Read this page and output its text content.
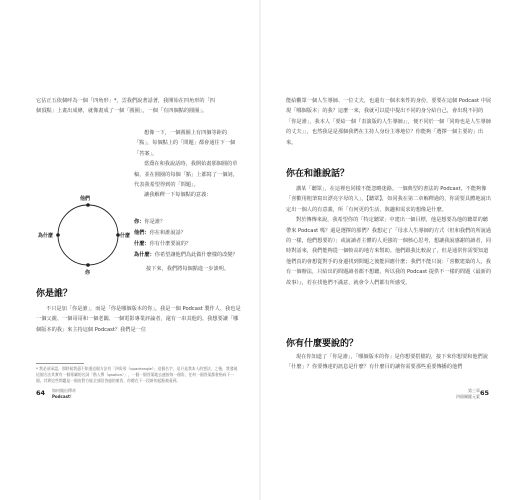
它佔正五依個呼為一個「四角形」*，雲我們說著話著，我開始在四角形的「四

個頂點」上畫出成條，就像畫成了一個「圓圈」，一個「有四個點的圓圈」。

想像一下，一個圓圈上有四個等距的「點」，每個點上的「問題」都會通往下一個「答案」。

當喬在和我說話時，我開始畫那個圓的草稿，並在圓圈的每個「點」上都寫了一個詞，代表我希望得到的「問題」。

讓我解釋一下每個點的意義：

他們
為什麼	什麼
你

你：你是誰？

他們：你在和誰說話？

什麼：你有什麼要說的？

為什麼：你希望讓他們為此做什麼樣的改變？

接下來，我們將每個點進一步談明。

你是誰？

不只是加「你是誰」，而是「你是哪個版本的你」。我是一個 Podcast 製作人、我也是一個父親、一個哥哥和一個老闆、一個電影專業評論者，還有一串其他的。我想要讓「哪個版本的我」來主持這個 Podcast？我們是一位

* 我必須承認，那時候我還不知道這個方法有「四角形（quadrangle）」這個名字，這只是我本人的想法。之後，我發現這個方法其實有一個專屬的名詞「勘入傳（gaollon）」，一個一個答案地去連接每一個角，任何一個答案都會指向下一個。其實這些問題是一個由對方能全部回答過的東西，你總在下一段新的起點被看到。

64 如何做出傳奇
Podcast！

能給觀眾一個人生導師、一位丈夫，也還有一個未來性的身份，要要在這個 Podcast 中展現「哪個版本」的我？這麼一來，我就可以從中提出不同的身分給自己，會出現不同的「你是誰」，我本人「要給一個『表演版的人生導師』」，便不同於一個「同時也是人生導師的丈夫」」，也然我是是那個我們在主持人身份主導地位？你能夠「選擇一個主要的」出來。

你在和誰說話？

講某「聽眾」，在這裡也同樣不能忽略迷路。一個典型的書法的 Podcast，不能夠像「喜歡用粗筆寫出漂亮字母的人」，【聽眾】，如同我在第二章解釋過的，你需要具體地說出定出一個人的有意義，所「有何更的生活，與趣和需求的想像是什麼。

對於傳傳來說，我希望你的「特定聽眾」中建出一個目標，他是想要為他的聽眾的聽帶來 Podcast 嗎？還是選擇的那們？我想定了「母求人生導師的方式（但和我們的所說過的一樣，他們想要的）」或說讀者主體的人更強的一個核心思考，想讓我說感謝的讀者，同時對話來，我們能夠從一個較高的地方來幫助。他們跟我比較說了，但是通常你需要知道他們真的會想從對手的身邊找到問題之後能回應什麼；我們不能只說：「喜歡建築的人，我有一個辦法，只給出的問題讀者都不想聽，所以我的 Podcast 提供不一樣的問題（最新的故事）』，若在找他們不滿意，就會令人們都有所感受。

你有什麼要說的？

現在你知道了「你是誰」，「哪個版本的你」是你想要搭檔的，接下來你想要和他們說「什麼」？你要傳達的訊息是什麼？有什麼目的讓你需要那些重要傳播的他們

第三章
四個關鍵元素 65
